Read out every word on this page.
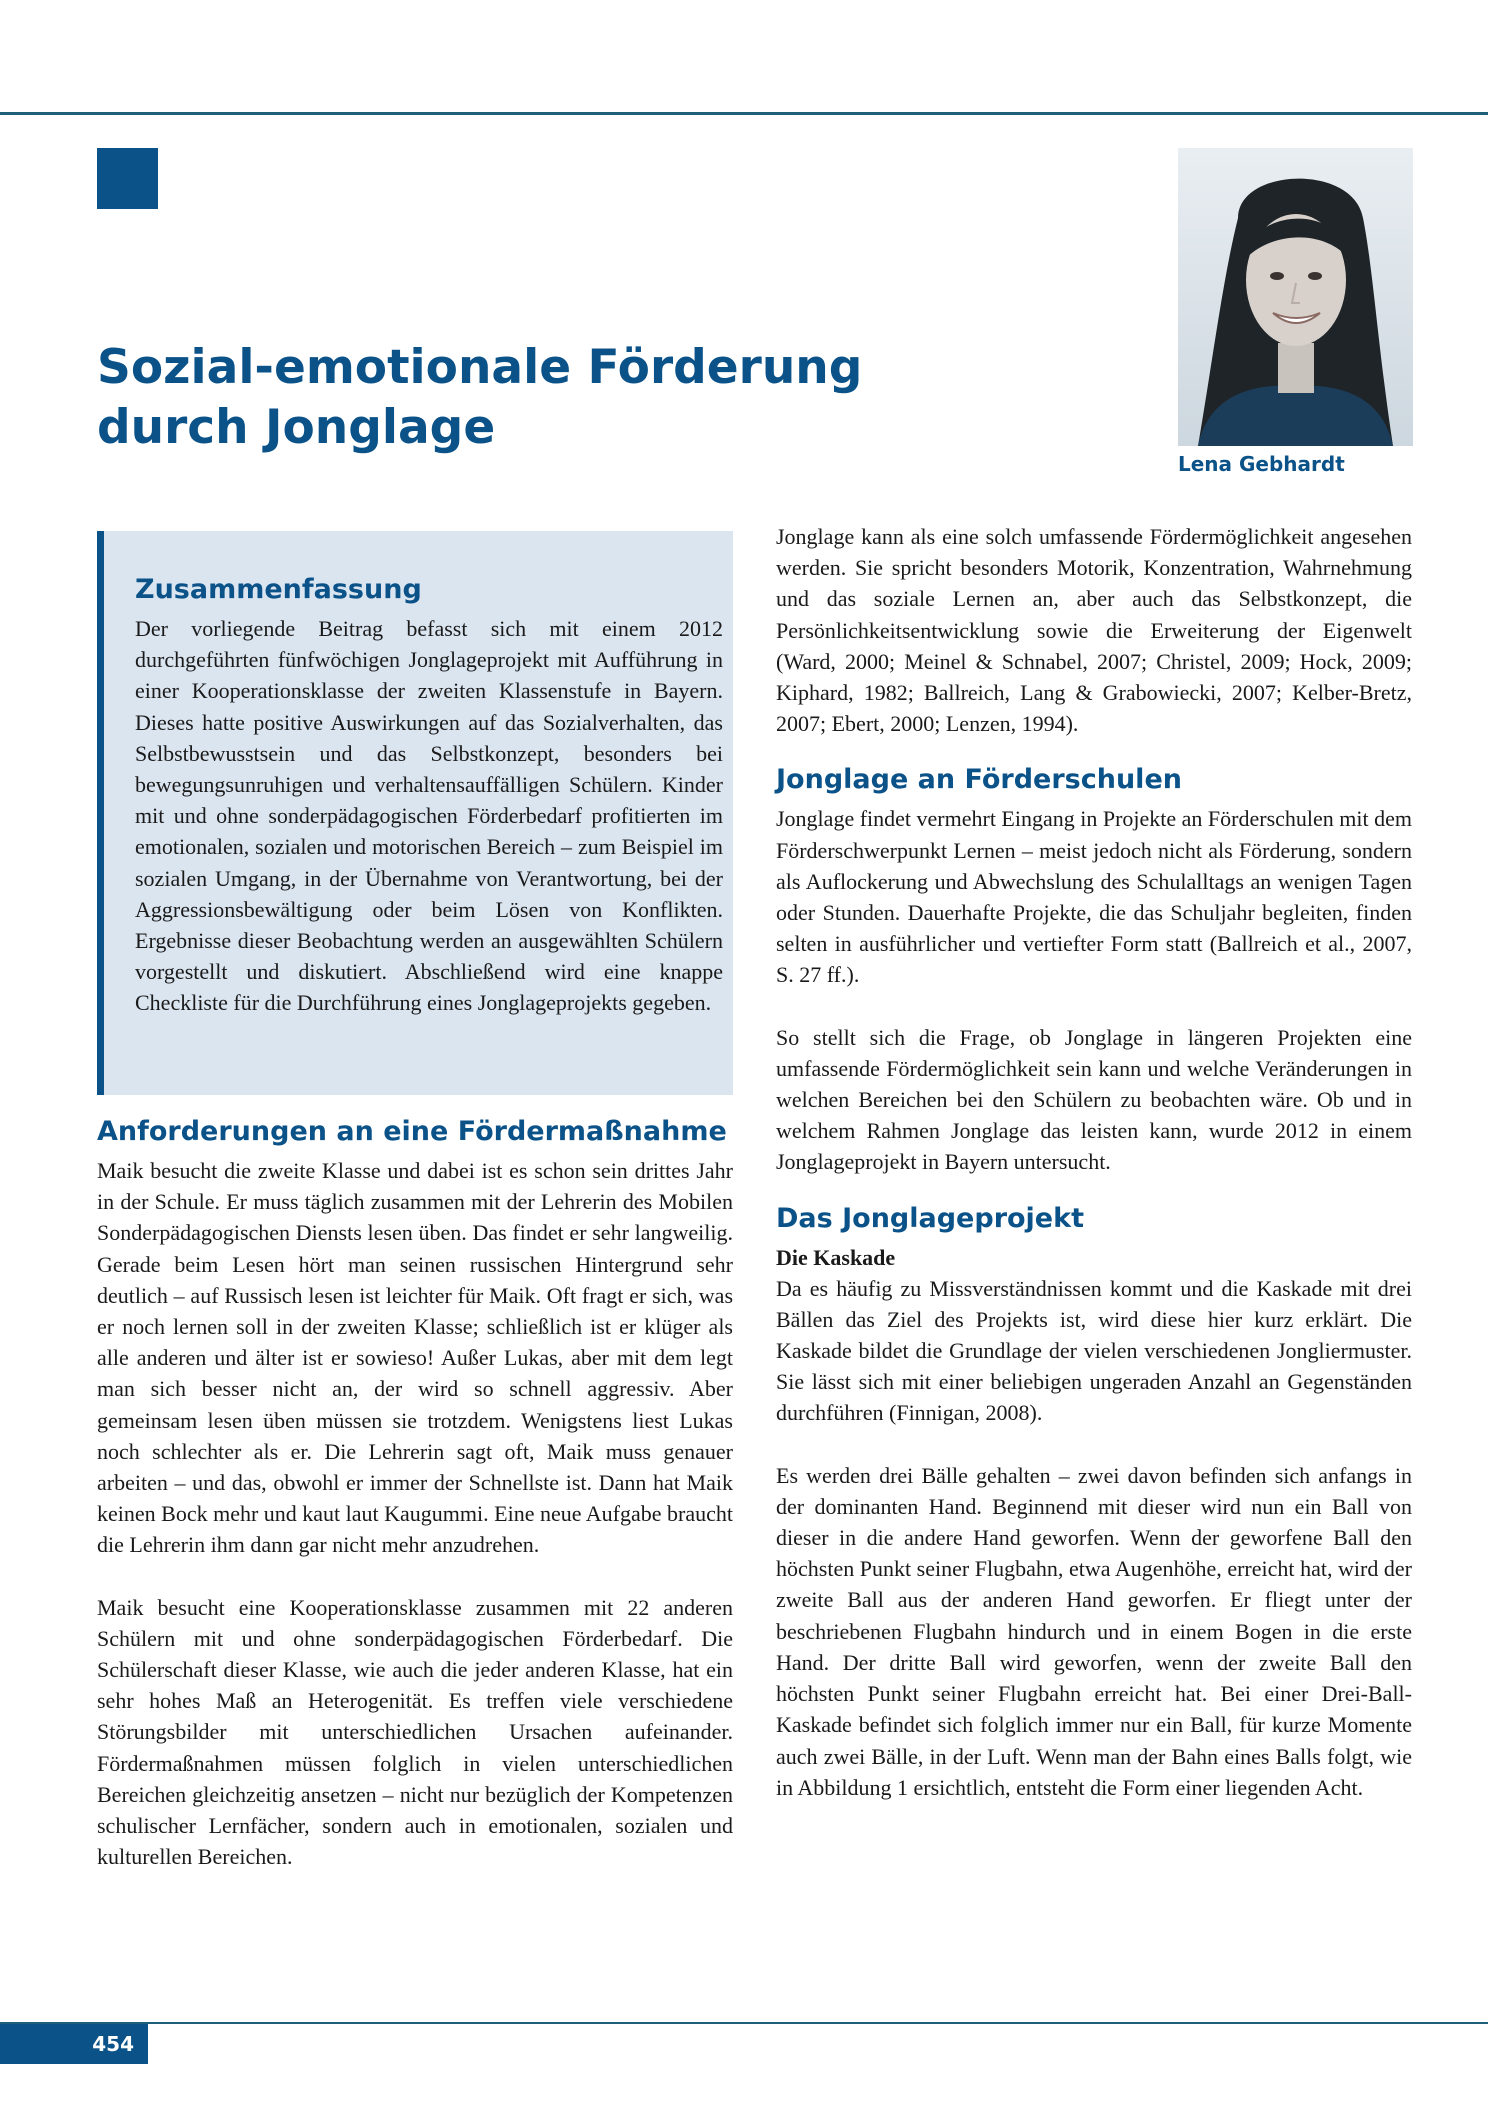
Sozial-emotionale Förderung
durch Jonglage
Lena Gebhardt
Zusammenfassung

Der vorliegende Beitrag befasst sich mit einem 2012 durchgeführten fünfwöchigen Jonglageprojekt mit Aufführung in einer Kooperationsklasse der zweiten Klassenstufe in Bayern. Dieses hatte positive Auswirkungen auf das Sozialverhalten, das Selbstbewusstsein und das Selbstkonzept, besonders bei bewegungsunruhigen und verhaltensauffälligen Schülern. Kinder mit und ohne sonderpädagogischen Förderbedarf profitierten im emotionalen, sozialen und motorischen Bereich – zum Beispiel im sozialen Umgang, in der Übernahme von Verantwortung, bei der Aggressionsbewältigung oder beim Lösen von Konflikten. Ergebnisse dieser Beobachtung werden an ausgewählten Schülern vorgestellt und diskutiert. Abschließend wird eine knappe Checkliste für die Durchführung eines Jonglageprojekts gegeben.

Anforderungen an eine Fördermaßnahme

Maik besucht die zweite Klasse und dabei ist es schon sein drittes Jahr in der Schule. Er muss täglich zusammen mit der Lehrerin des Mobilen Sonderpädagogischen Diensts lesen üben. Das findet er sehr langweilig. Gerade beim Lesen hört man seinen russischen Hintergrund sehr deutlich – auf Russisch lesen ist leichter für Maik. Oft fragt er sich, was er noch lernen soll in der zweiten Klasse; schließlich ist er klüger als alle anderen und älter ist er sowieso! Außer Lukas, aber mit dem legt man sich besser nicht an, der wird so schnell aggressiv. Aber gemeinsam lesen üben müssen sie trotzdem. Wenigstens liest Lukas noch schlechter als er. Die Lehrerin sagt oft, Maik muss genauer arbeiten – und das, obwohl er immer der Schnellste ist. Dann hat Maik keinen Bock mehr und kaut laut Kaugummi. Eine neue Aufgabe braucht die Lehrerin ihm dann gar nicht mehr anzudrehen.

Maik besucht eine Kooperationsklasse zusammen mit 22 anderen Schülern mit und ohne sonderpädagogischen Förderbedarf. Die Schülerschaft dieser Klasse, wie auch die jeder anderen Klasse, hat ein sehr hohes Maß an Heterogenität. Es treffen viele verschiedene Störungsbilder mit unterschiedlichen Ursachen aufeinander. Fördermaßnahmen müssen folglich in vielen unterschiedlichen Bereichen gleichzeitig ansetzen – nicht nur bezüglich der Kompetenzen schulischer Lernfächer, sondern auch in emotionalen, sozialen und kulturellen Bereichen.

Jonglage kann als eine solch umfassende Fördermöglichkeit angesehen werden. Sie spricht besonders Motorik, Konzentration, Wahrnehmung und das soziale Lernen an, aber auch das Selbstkonzept, die Persönlichkeitsentwicklung sowie die Erweiterung der Eigenwelt (Ward, 2000; Meinel & Schnabel, 2007; Christel, 2009; Hock, 2009; Kiphard, 1982; Ballreich, Lang & Grabowiecki, 2007; Kelber-Bretz, 2007; Ebert, 2000; Lenzen, 1994).

Jonglage an Förderschulen

Jonglage findet vermehrt Eingang in Projekte an Förderschulen mit dem Förderschwerpunkt Lernen – meist jedoch nicht als Förderung, sondern als Auflockerung und Abwechslung des Schulalltags an wenigen Tagen oder Stunden. Dauerhafte Projekte, die das Schuljahr begleiten, finden selten in ausführlicher und vertiefter Form statt (Ballreich et al., 2007, S. 27 ff.).

So stellt sich die Frage, ob Jonglage in längeren Projekten eine umfassende Fördermöglichkeit sein kann und welche Veränderungen in welchen Bereichen bei den Schülern zu beobachten wäre. Ob und in welchem Rahmen Jonglage das leisten kann, wurde 2012 in einem Jonglageprojekt in Bayern untersucht.

Das Jonglageprojekt
Die Kaskade

Da es häufig zu Missverständnissen kommt und die Kaskade mit drei Bällen das Ziel des Projekts ist, wird diese hier kurz erklärt. Die Kaskade bildet die Grundlage der vielen verschiedenen Jongliermuster. Sie lässt sich mit einer beliebigen ungeraden Anzahl an Gegenständen durchführen (Finnigan, 2008).

Es werden drei Bälle gehalten – zwei davon befinden sich anfangs in der dominanten Hand. Beginnend mit dieser wird nun ein Ball von dieser in die andere Hand geworfen. Wenn der geworfene Ball den höchsten Punkt seiner Flugbahn, etwa Augenhöhe, erreicht hat, wird der zweite Ball aus der anderen Hand geworfen. Er fliegt unter der beschriebenen Flugbahn hindurch und in einem Bogen in die erste Hand. Der dritte Ball wird geworfen, wenn der zweite Ball den höchsten Punkt seiner Flugbahn erreicht hat. Bei einer Drei-Ball-Kaskade befindet sich folglich immer nur ein Ball, für kurze Momente auch zwei Bälle, in der Luft. Wenn man der Bahn eines Balls folgt, wie in Abbildung 1 ersichtlich, entsteht die Form einer liegenden Acht.

454
